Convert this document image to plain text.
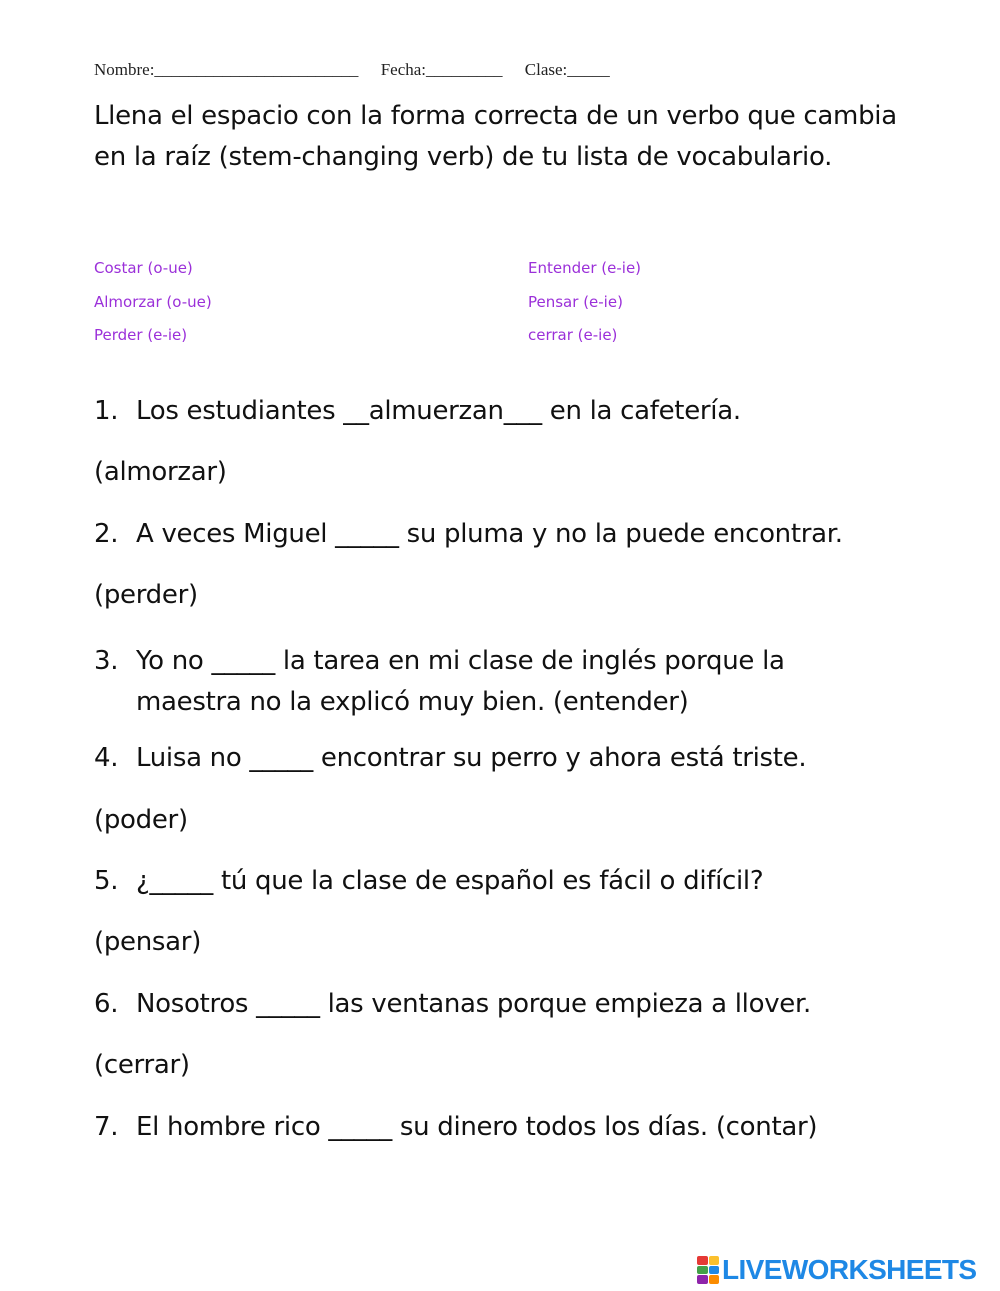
Nombre:________________________ Fecha:_________ Clase:_____
Llena el espacio con la forma correcta de un verbo que cambia en la raíz (stem-changing verb) de tu lista de vocabulario.
Costar (o-ue)
Almorzar (o-ue)
Perder (e-ie)
Entender (e-ie)
Pensar (e-ie)
cerrar (e-ie)
1. Los estudiantes __almuerzan___ en la cafetería.
(almorzar)
2. A veces Miguel _____ su pluma y no la puede encontrar.
(perder)
3. Yo no _____ la tarea en mi clase de inglés porque la
maestra no la explicó muy bien. (entender)
4. Luisa no _____ encontrar su perro y ahora está triste.
(poder)
5. ¿_____ tú que la clase de español es fácil o difícil?
(pensar)
6. Nosotros _____ las ventanas porque empieza a llover.
(cerrar)
7. El hombre rico _____ su dinero todos los días. (contar)
LIVEWORKSHEETS
